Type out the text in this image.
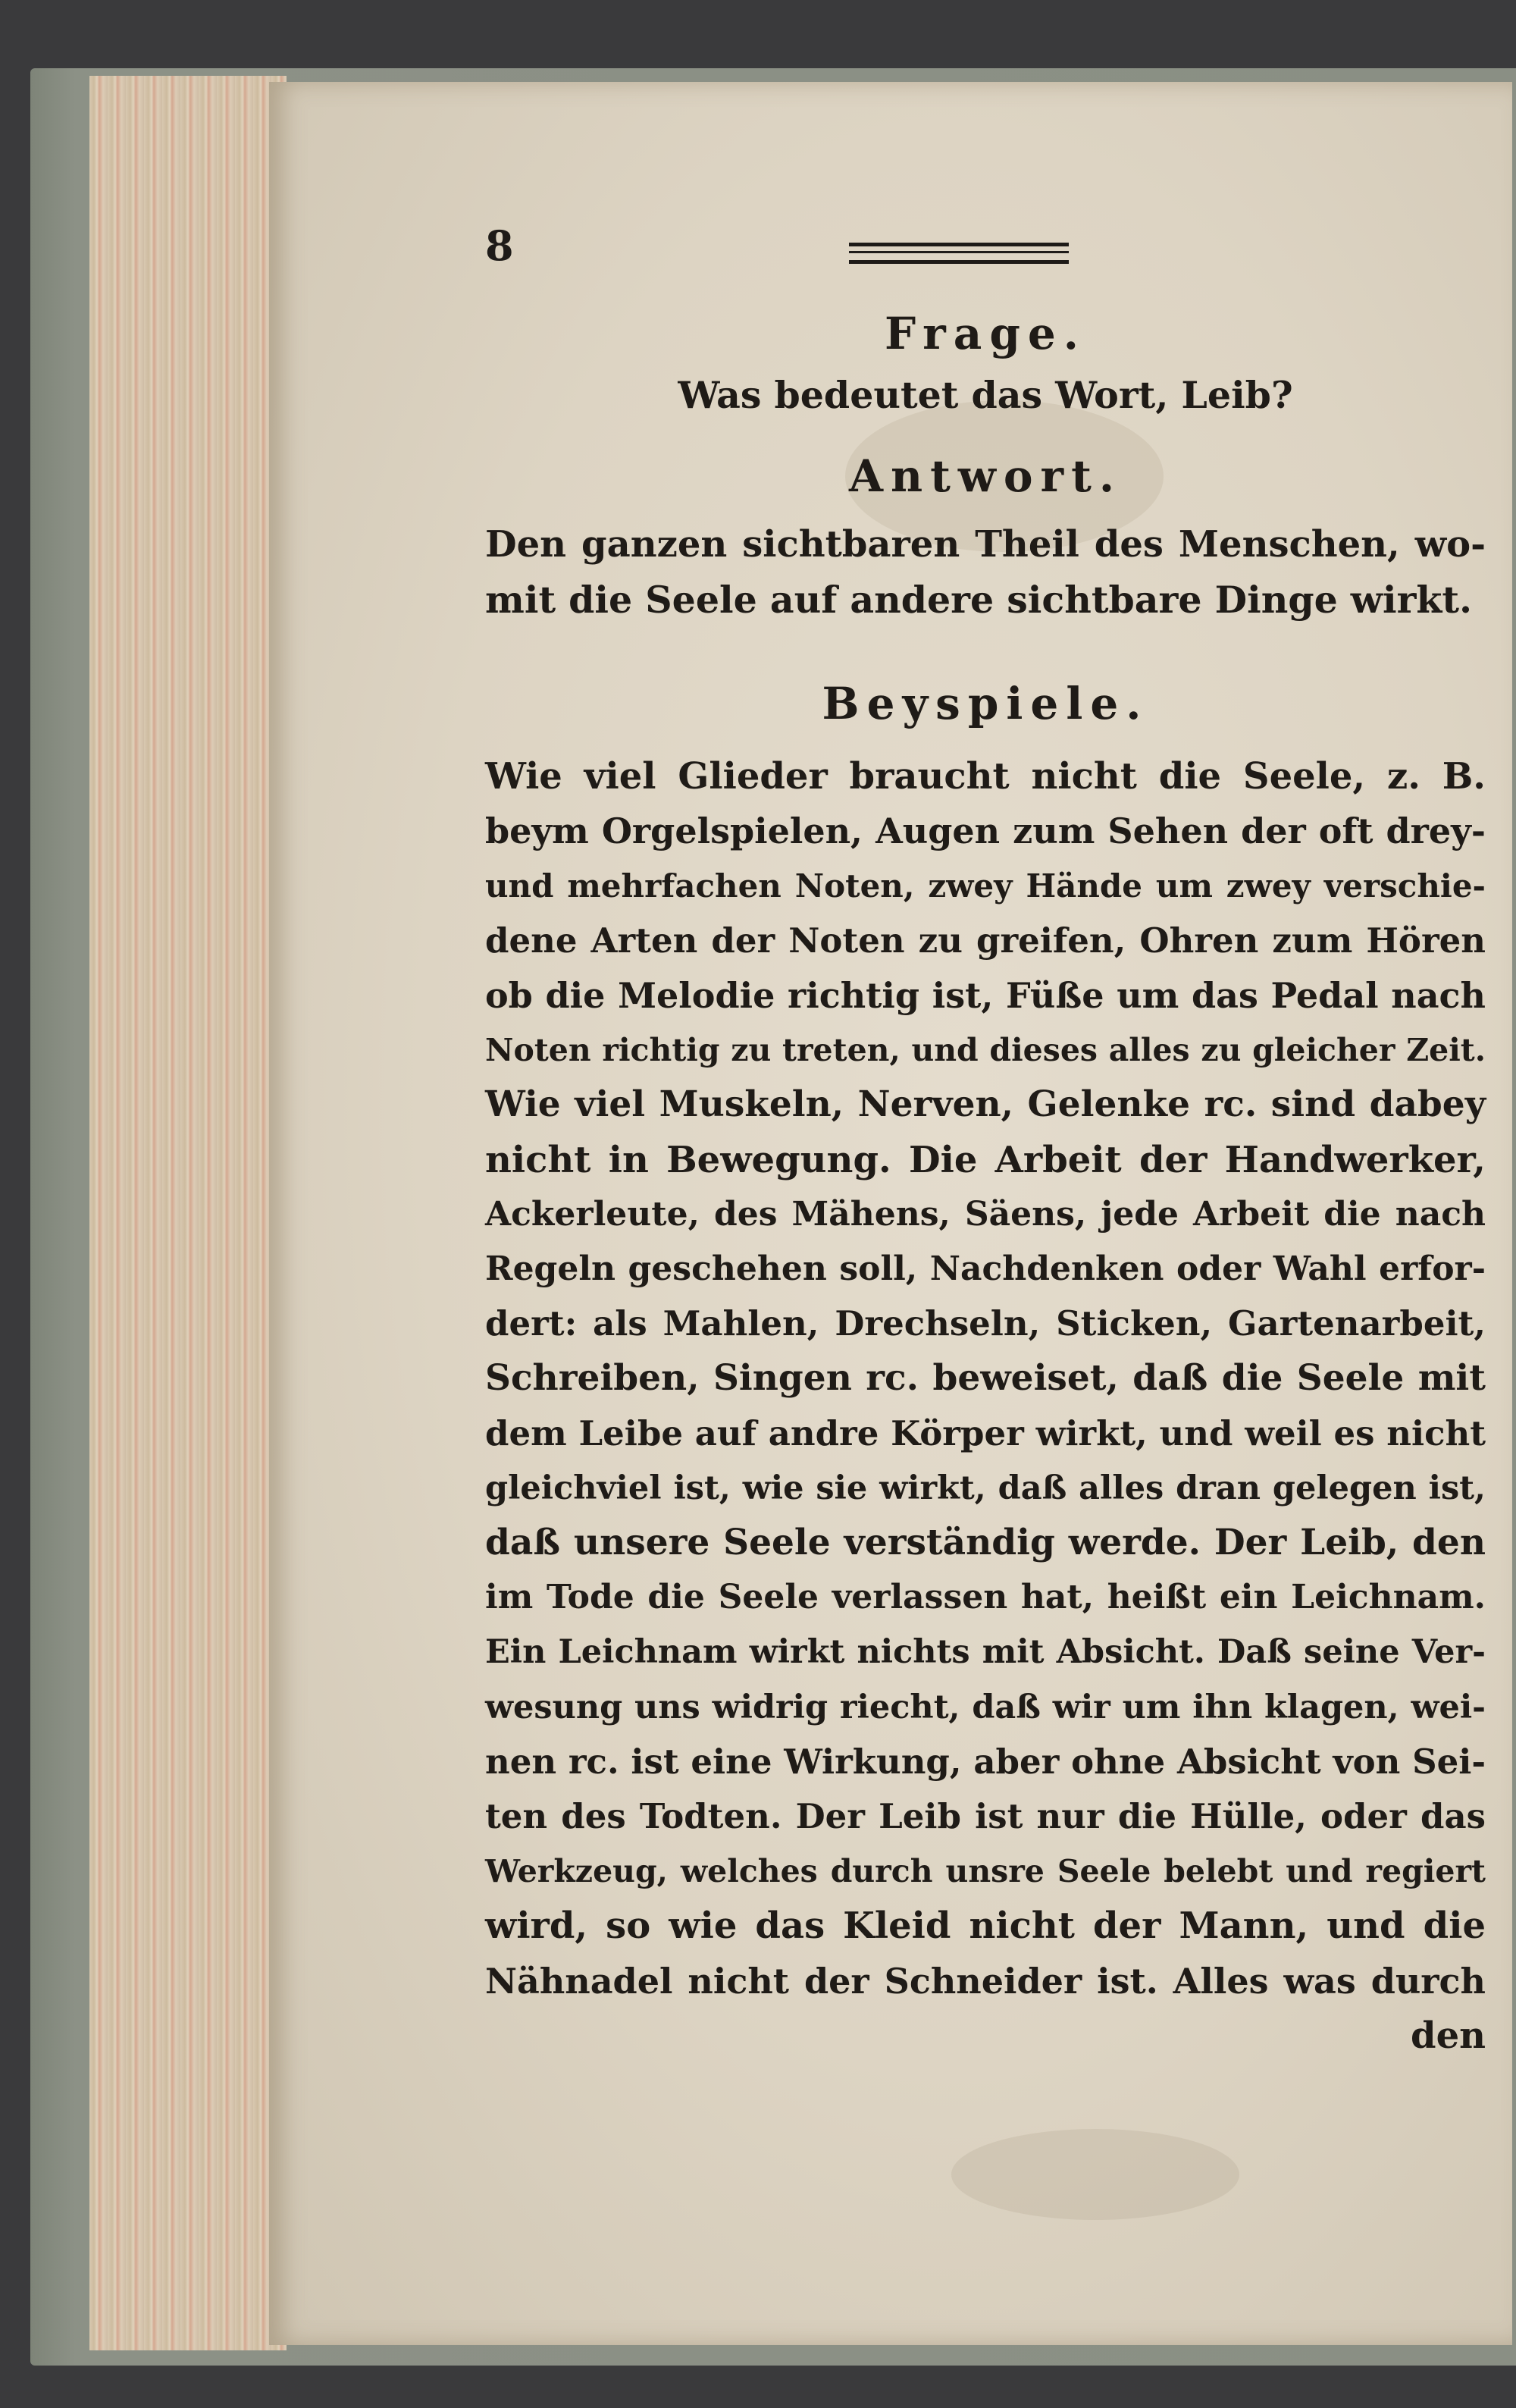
8

Frage.

Was bedeutet das Wort, Leib?

Antwort.

Den ganzen sichtbaren Theil des Menschen, wo-
mit die Seele auf andere sichtbare Dinge wirkt.

Beyspiele.

Wie viel Glieder braucht nicht die Seele, z. B.
beym Orgelspielen, Augen zum Sehen der oft drey-
und mehrfachen Noten, zwey Hände um zwey verschie-
dene Arten der Noten zu greifen, Ohren zum Hören
ob die Melodie richtig ist, Füße um das Pedal nach
Noten richtig zu treten, und dieses alles zu gleicher Zeit.
Wie viel Muskeln, Nerven, Gelenke rc. sind dabey
nicht in Bewegung. Die Arbeit der Handwerker,
Ackerleute, des Mähens, Säens, jede Arbeit die nach
Regeln geschehen soll, Nachdenken oder Wahl erfor-
dert: als Mahlen, Drechseln, Sticken, Gartenarbeit,
Schreiben, Singen rc. beweiset, daß die Seele mit
dem Leibe auf andre Körper wirkt, und weil es nicht
gleichviel ist, wie sie wirkt, daß alles dran gelegen ist,
daß unsere Seele verständig werde. Der Leib, den
im Tode die Seele verlassen hat, heißt ein Leichnam.
Ein Leichnam wirkt nichts mit Absicht. Daß seine Ver-
wesung uns widrig riecht, daß wir um ihn klagen, wei-
nen rc. ist eine Wirkung, aber ohne Absicht von Sei-
ten des Todten. Der Leib ist nur die Hülle, oder das
Werkzeug, welches durch unsre Seele belebt und regiert
wird, so wie das Kleid nicht der Mann, und die
Nähnadel nicht der Schneider ist. Alles was durch
den
